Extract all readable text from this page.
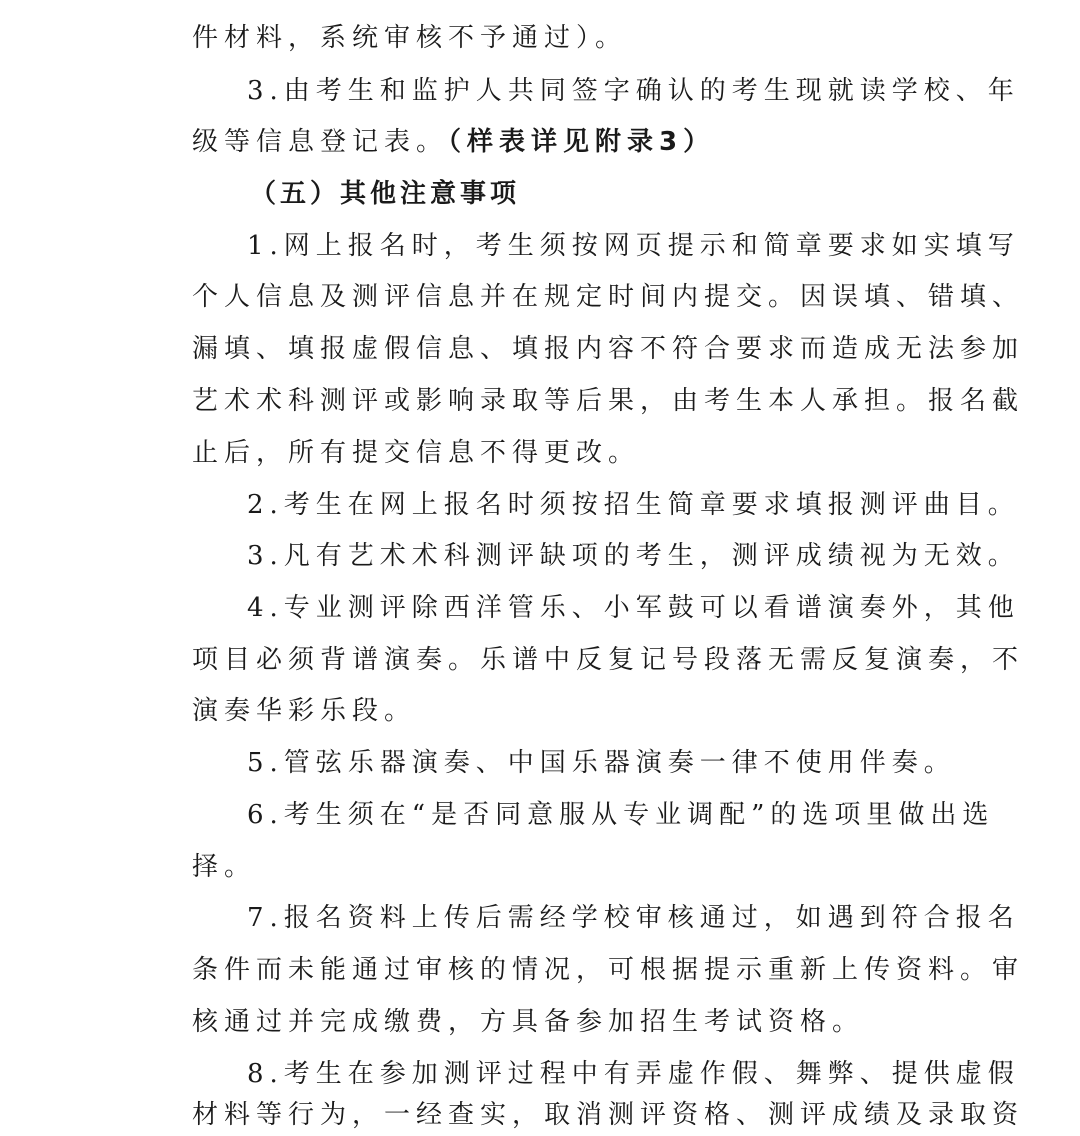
件材料，系统审核不予通过）。

3.由考生和监护人共同签字确认的考生现就读学校、年

级等信息登记表。（样表详见附录3）

（五）其他注意事项

1.网上报名时，考生须按网页提示和简章要求如实填写

个人信息及测评信息并在规定时间内提交。因误填、错填、

漏填、填报虚假信息、填报内容不符合要求而造成无法参加

艺术术科测评或影响录取等后果，由考生本人承担。报名截

止后，所有提交信息不得更改。

2.考生在网上报名时须按招生简章要求填报测评曲目。

3.凡有艺术术科测评缺项的考生，测评成绩视为无效。

4.专业测评除西洋管乐、小军鼓可以看谱演奏外，其他

项目必须背谱演奏。乐谱中反复记号段落无需反复演奏，不

演奏华彩乐段。

5.管弦乐器演奏、中国乐器演奏一律不使用伴奏。

6.考生须在“是否同意服从专业调配”的选项里做出选

择。

7.报名资料上传后需经学校审核通过，如遇到符合报名

条件而未能通过审核的情况，可根据提示重新上传资料。审

核通过并完成缴费，方具备参加招生考试资格。

8.考生在参加测评过程中有弄虚作假、舞弊、提供虚假

材料等行为，一经查实，取消测评资格、测评成绩及录取资
